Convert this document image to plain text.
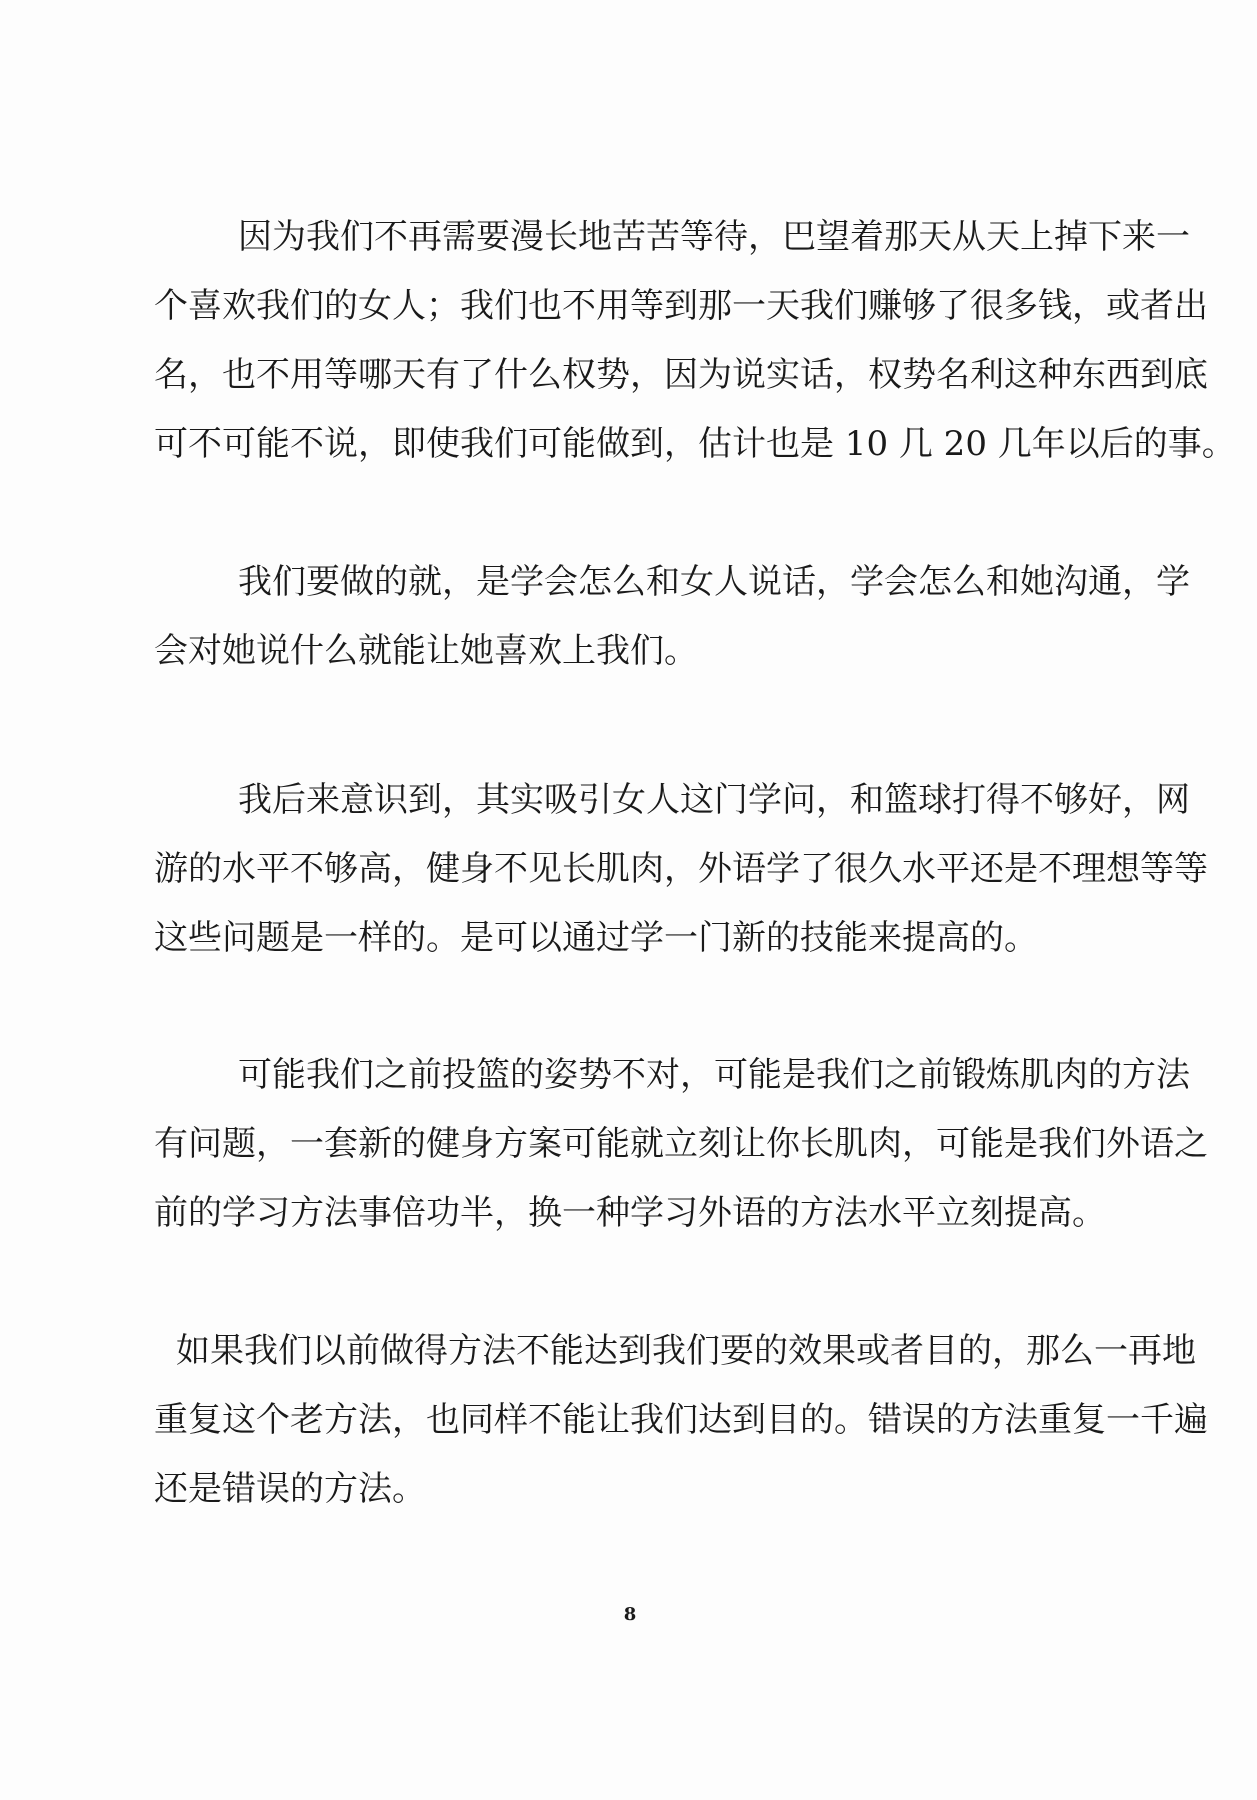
因为我们不再需要漫长地苦苦等待，巴望着那天从天上掉下来一

个喜欢我们的女人；我们也不用等到那一天我们赚够了很多钱，或者出

名，也不用等哪天有了什么权势，因为说实话，权势名利这种东西到底

可不可能不说，即使我们可能做到，估计也是 10 几 20 几年以后的事。

我们要做的就，是学会怎么和女人说话，学会怎么和她沟通，学

会对她说什么就能让她喜欢上我们。

我后来意识到，其实吸引女人这门学问，和篮球打得不够好，网

游的水平不够高，健身不见长肌肉，外语学了很久水平还是不理想等等

这些问题是一样的。是可以通过学一门新的技能来提高的。

可能我们之前投篮的姿势不对，可能是我们之前锻炼肌肉的方法

有问题，一套新的健身方案可能就立刻让你长肌肉，可能是我们外语之

前的学习方法事倍功半，换一种学习外语的方法水平立刻提高。

如果我们以前做得方法不能达到我们要的效果或者目的，那么一再地

重复这个老方法，也同样不能让我们达到目的。错误的方法重复一千遍

还是错误的方法。

8
